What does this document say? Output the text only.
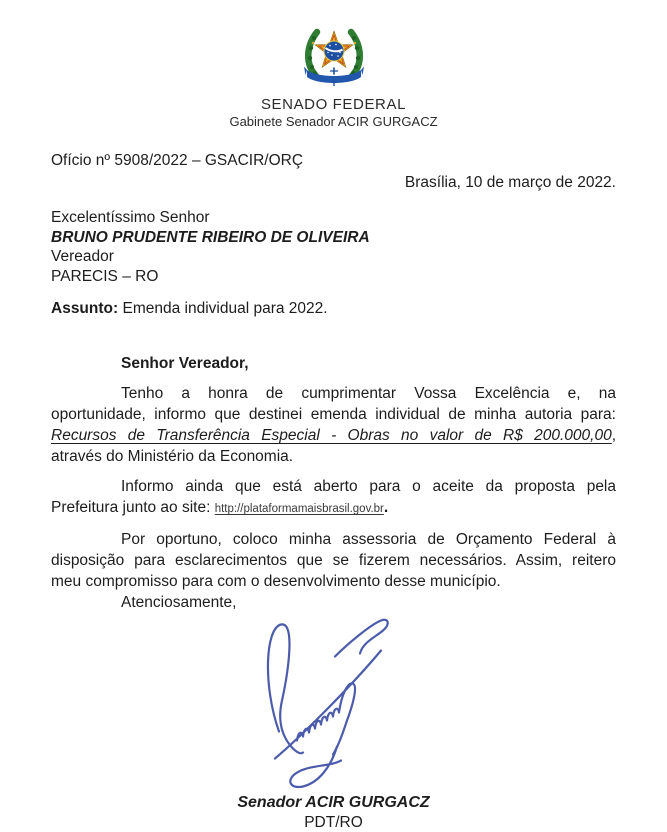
SENADO FEDERAL
Gabinete Senador ACIR GURGACZ
Ofício nº 5908/2022 – GSACIR/ORÇ
Brasília, 10 de março de 2022.
Excelentíssimo Senhor
BRUNO PRUDENTE RIBEIRO DE OLIVEIRA
Vereador
PARECIS – RO
Assunto: Emenda individual para 2022.
Senhor Vereador,
Tenho a honra de cumprimentar Vossa Excelência e, na
oportunidade, informo que destinei emenda individual de minha autoria para:
Recursos de Transferência Especial - Obras no valor de R$ 200.000,00,
através do Ministério da Economia.
Informo ainda que está aberto para o aceite da proposta pela
Prefeitura junto ao site: http://plataformamaisbrasil.gov.br.
Por oportuno, coloco minha assessoria de Orçamento Federal à
disposição para esclarecimentos que se fizerem necessários. Assim, reitero
meu compromisso para com o desenvolvimento desse município.
Atenciosamente,
Senador ACIR GURGACZ
PDT/RO
